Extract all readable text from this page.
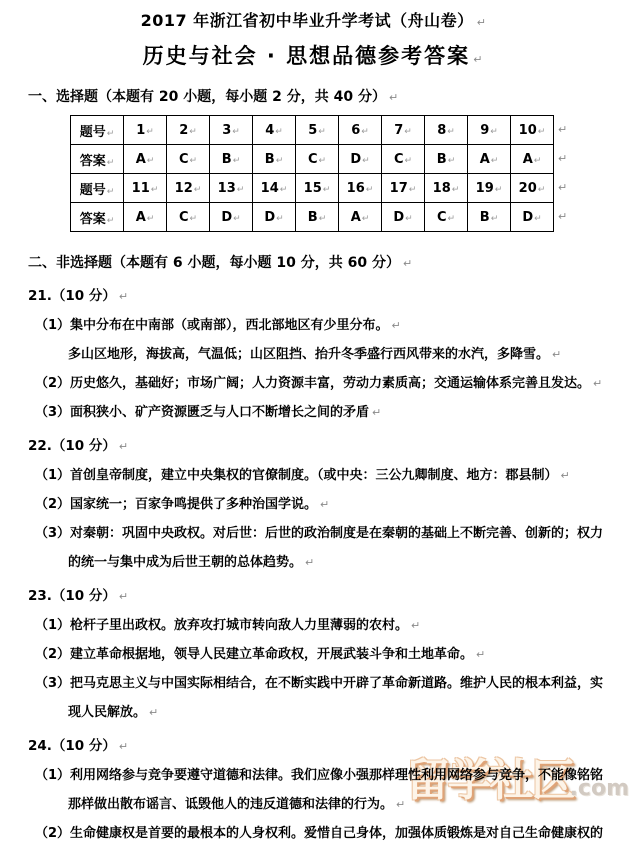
2017 年浙江省初中毕业升学考试（舟山卷） ↵
历史与社会 · 思想品德参考答案 ↵
一、选择题（本题有 20 小题，每小题 2 分，共 40 分） ↵
题号↵	1↵	2↵	3↵	4↵	5↵	6↵	7↵	8↵	9↵	10↵
答案↵	A↵	C↵	B↵	B↵	C↵	D↵	C↵	B↵	A↵	A↵
题号↵	11↵	12↵	13↵	14↵	15↵	16↵	17↵	18↵	19↵	20↵
答案↵	A↵	C↵	D↵	D↵	B↵	A↵	D↵	C↵	B↵	D↵
↵
↵
↵
↵
二、非选择题（本题有 6 小题，每小题 10 分，共 60 分） ↵
21.（10 分） ↵
（1）集中分布在中南部（或南部），西北部地区有少里分布。 ↵
多山区地形，海拔高，气温低；山区阻挡、抬升冬季盛行西风带来的水汽，多降雪。 ↵
（2）历史悠久，基础好；市场广阔；人力资源丰富，劳动力素质高；交通运输体系完善且发达。 ↵
（3）面积狭小、矿产资源匮乏与人口不断增长之间的矛盾 ↵
22.（10 分） ↵
（1）首创皇帝制度，建立中央集权的官僚制度。（或中央：三公九卿制度、地方：郡县制） ↵
（2）国家统一；百家争鸣提供了多种治国学说。 ↵
（3）对秦朝：巩固中央政权。对后世：后世的政治制度是在秦朝的基础上不断完善、创新的；权力
的统一与集中成为后世王朝的总体趋势。 ↵
23.（10 分） ↵
（1）枪杆子里出政权。放弃攻打城市转向敌人力里薄弱的农村。 ↵
（2）建立革命根据地，领导人民建立革命政权，开展武装斗争和土地革命。 ↵
（3）把马克思主义与中国实际相结合，在不断实践中开辟了革命新道路。维护人民的根本利益，实
现人民解放。 ↵
24.（10 分） ↵
（1）利用网络参与竞争要遵守道德和法律。我们应像小强那样理性利用网络参与竞争，不能像铭铭
那样做出散布谣言、诋毁他人的违反道德和法律的行为。 ↵
（2）生命健康权是首要的最根本的人身权利。爱惜自己身体，加强体质锻炼是对自己生命健康权的
留学社区.com
